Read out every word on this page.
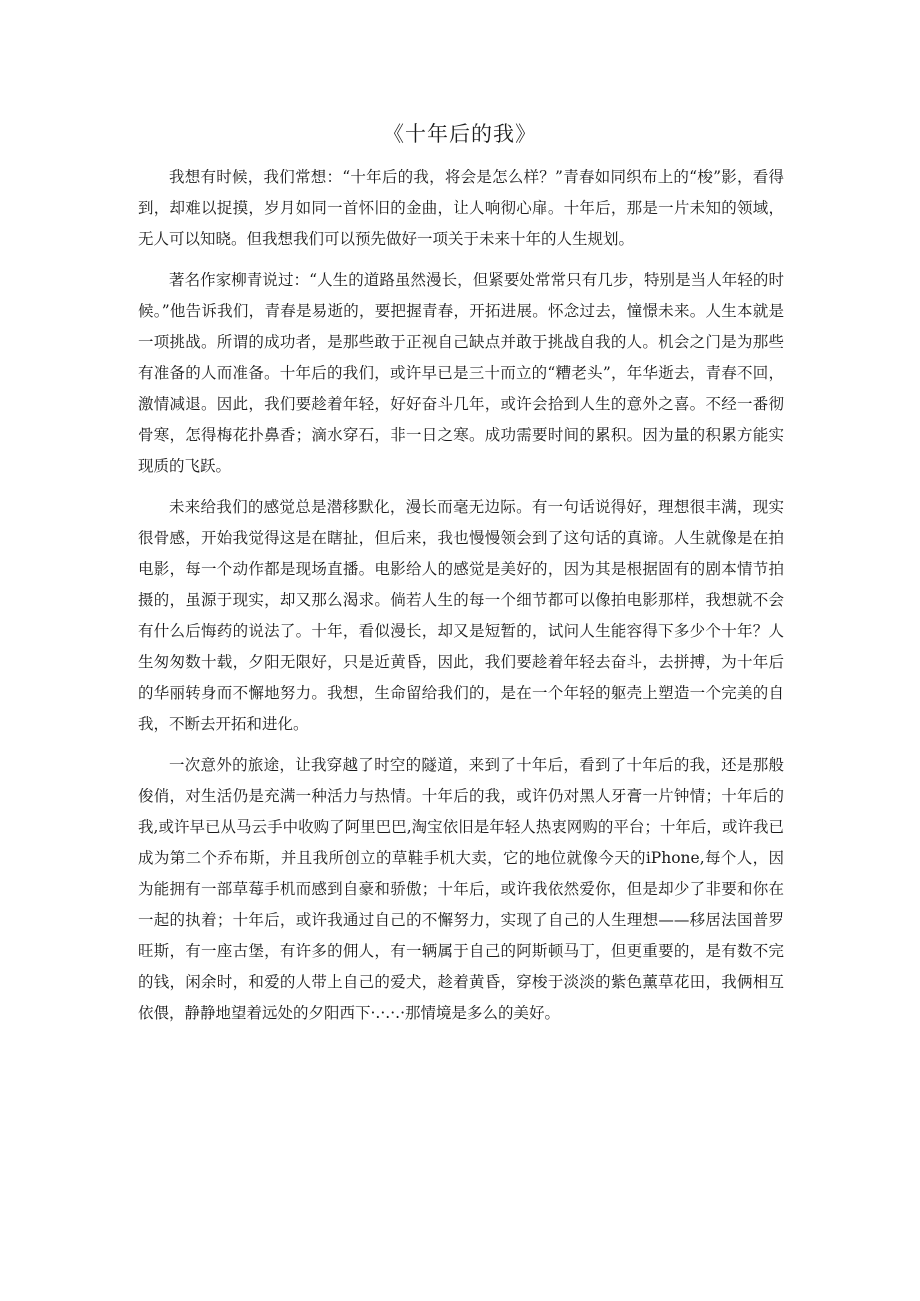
《十年后的我》

我想有时候，我们常想：“十年后的我，将会是怎么样？”青春如同织布上的“梭”影，看得到，却难以捉摸，岁月如同一首怀旧的金曲，让人响彻心扉。十年后，那是一片未知的领域，无人可以知晓。但我想我们可以预先做好一项关于未来十年的人生规划。

著名作家柳青说过：“人生的道路虽然漫长，但紧要处常常只有几步，特别是当人年轻的时候。”他告诉我们，青春是易逝的，要把握青春，开拓进展。怀念过去，憧憬未来。人生本就是一项挑战。所谓的成功者，是那些敢于正视自己缺点并敢于挑战自我的人。机会之门是为那些有准备的人而准备。十年后的我们，或许早已是三十而立的“糟老头”，年华逝去，青春不回，激情减退。因此，我们要趁着年轻，好好奋斗几年，或许会拾到人生的意外之喜。不经一番彻骨寒，怎得梅花扑鼻香；滴水穿石，非一日之寒。成功需要时间的累积。因为量的积累方能实现质的飞跃。

未来给我们的感觉总是潜移默化，漫长而毫无边际。有一句话说得好，理想很丰满，现实很骨感，开始我觉得这是在瞎扯，但后来，我也慢慢领会到了这句话的真谛。人生就像是在拍电影，每一个动作都是现场直播。电影给人的感觉是美好的，因为其是根据固有的剧本情节拍摄的，虽源于现实，却又那么渴求。倘若人生的每一个细节都可以像拍电影那样，我想就不会有什么后悔药的说法了。十年，看似漫长，却又是短暂的，试问人生能容得下多少个十年？人生匆匆数十载，夕阳无限好，只是近黄昏，因此，我们要趁着年轻去奋斗，去拼搏，为十年后的华丽转身而不懈地努力。我想，生命留给我们的，是在一个年轻的躯壳上塑造一个完美的自我，不断去开拓和进化。

一次意外的旅途，让我穿越了时空的隧道，来到了十年后，看到了十年后的我，还是那般俊俏，对生活仍是充满一种活力与热情。十年后的我，或许仍对黑人牙膏一片钟情；十年后的我,或许早已从马云手中收购了阿里巴巴,淘宝依旧是年轻人热衷网购的平台；十年后，或许我已成为第二个乔布斯，并且我所创立的草鞋手机大卖，它的地位就像今天的iPhone,每个人，因为能拥有一部草莓手机而感到自豪和骄傲；十年后，或许我依然爱你，但是却少了非要和你在一起的执着；十年后，或许我通过自己的不懈努力，实现了自己的人生理想——移居法国普罗旺斯，有一座古堡，有许多的佣人，有一辆属于自己的阿斯顿马丁，但更重要的，是有数不完的钱，闲余时，和爱的人带上自己的爱犬，趁着黄昏，穿梭于淡淡的紫色薰草花田，我俩相互依偎，静静地望着远处的夕阳西下·.·.·.·那情境是多么的美好。
